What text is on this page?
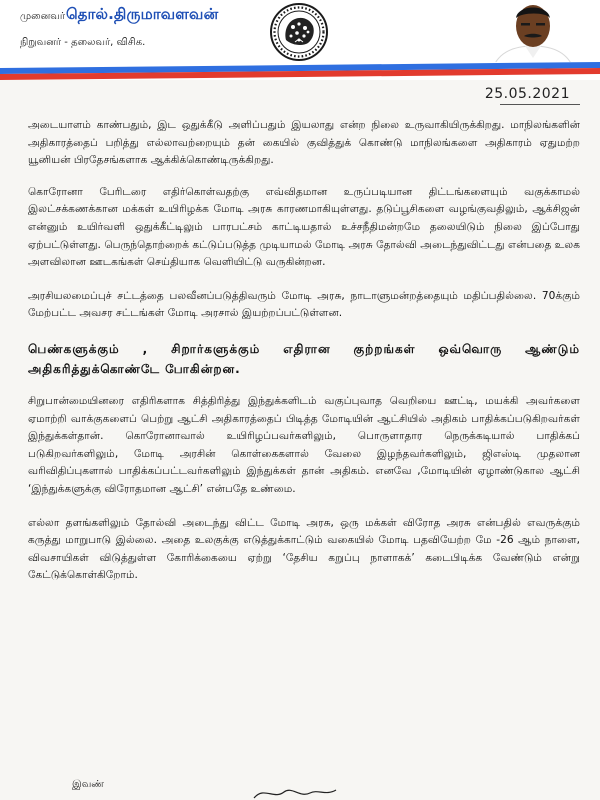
முனைவர் தொல்.திருமாவளவன்
நிறுவனர் - தலைவர், விசிக.
25.05.2021

அடையாளம் காண்பதும், இட ஒதுக்கீடு அளிப்பதும் இயலாது என்ற நிலை உருவாகியிருக்கிறது. மாநிலங்களின் அதிகாரத்தைப் பறித்து எல்லாவற்றையும் தன் கையில் குவித்துக் கொண்டு மாநிலங்களை அதிகாரம் ஏதுமற்ற யூனியன் பிரதேசங்களாக ஆக்கிக்கொண்டிருக்கிறது.

கொரோனா பேரிடரை எதிர்கொள்வதற்கு எவ்விதமான உருப்படியான திட்டங்களையும் வகுக்காமல் இலட்சக்கணக்கான மக்கள் உயிரிழக்க மோடி அரசு காரணமாகியுள்ளது. தடுப்பூசிகளை வழங்குவதிலும், ஆக்சிஜன் என்னும் உயிர்வளி ஒதுக்கீட்டிலும் பாரபட்சம் காட்டியதால் உச்சநீதிமன்றமே தலையிடும் நிலை இப்போது ஏற்பட்டுள்ளது. பெருந்தொற்றைக் கட்டுப்படுத்த முடியாமல் மோடி அரசு தோல்வி அடைந்துவிட்டது என்பதை உலக அளவிலான ஊடகங்கள் செய்தியாக வெளியிட்டு வருகின்றன.

அரசியலமைப்புச் சட்டத்தை பலவீனப்படுத்திவரும் மோடி அரசு, நாடாளுமன்றத்தையும் மதிப்பதில்லை. 70க்கும் மேற்பட்ட அவசர சட்டங்கள் மோடி அரசால் இயற்றப்பட்டுள்ளன.

பெண்களுக்கும் , சிறார்களுக்கும் எதிரான குற்றங்கள் ஒவ்வொரு ஆண்டும் அதிகரித்துக்கொண்டே போகின்றன.

சிறுபான்மையினரை எதிரிகளாக சித்திரித்து இந்துக்களிடம் வகுப்புவாத வெறியை ஊட்டி, மயக்கி அவர்களை ஏமாற்றி வாக்குகளைப் பெற்று ஆட்சி அதிகாரத்தைப் பிடித்த மோடியின் ஆட்சியில் அதிகம் பாதிக்கப்படுகிறவர்கள் இந்துக்கள்தான். கொரோனாவால் உயிரிழப்பவர்களிலும், பொருளாதார நெருக்கடியால் பாதிக்கப் படுகிறவர்களிலும், மோடி அரசின் கொள்கைகளால் வேலை இழந்தவர்களிலும், ஜிஎஸ்டி முதலான வரிவிதிப்புகளால் பாதிக்கப்பட்டவர்களிலும் இந்துக்கள் தான் அதிகம். எனவே ,மோடியின் ஏழாண்டுகால ஆட்சி ‘இந்துக்களுக்கு விரோதமான ஆட்சி’ என்பதே உண்மை.

எல்லா தளங்களிலும் தோல்வி அடைந்து விட்ட மோடி அரசு, ஒரு மக்கள் விரோத அரசு என்பதில் எவருக்கும் கருத்து மாறுபாடு இல்லை. அதை உலகுக்கு எடுத்துக்காட்டும் வகையில் மோடி பதவியேற்ற மே -26 ஆம் நாளை, விவசாயிகள் விடுத்துள்ள கோரிக்கையை ஏற்று ‘தேசிய கறுப்பு நாளாகக்’ கடைபிடிக்க வேண்டும் என்று கேட்டுக்கொள்கிறோம்.

இவண்
